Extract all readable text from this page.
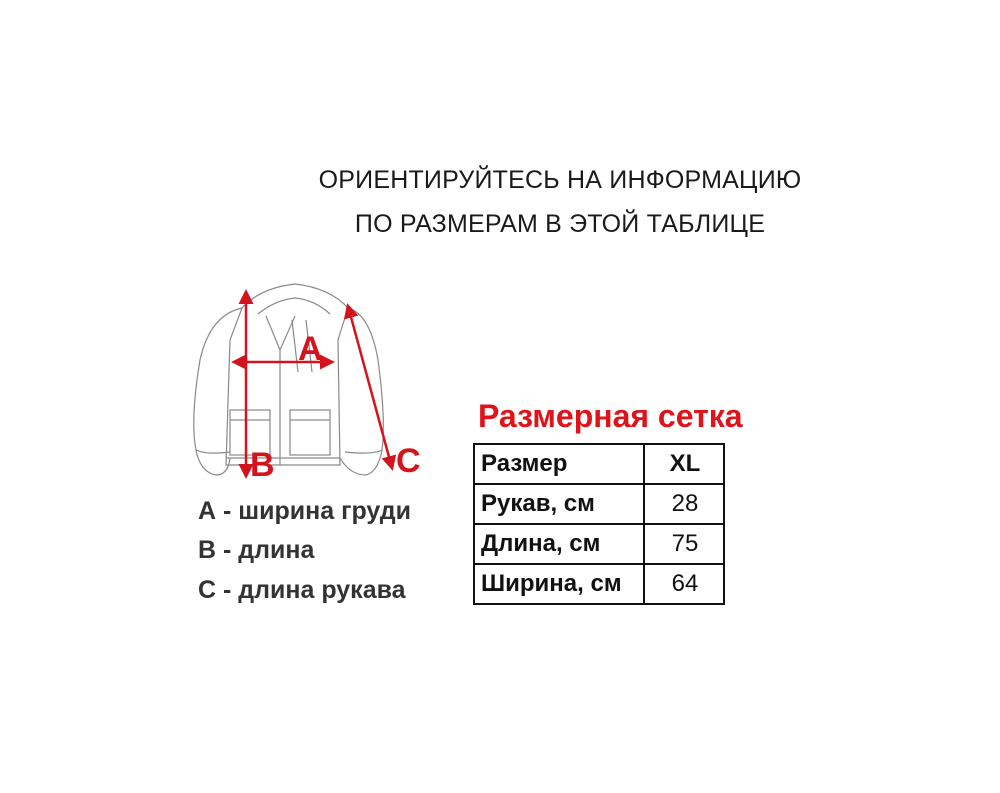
ОРИЕНТИРУЙТЕСЬ НА ИНФОРМАЦИЮ
ПО РАЗМЕРАМ В ЭТОЙ ТАБЛИЦЕ
A
B	C
А - ширина груди
В - длина
С - длина рукава
Размерная сетка
Размер	XL
Рукав, см	28
Длина, см	75
Ширина, см	64
